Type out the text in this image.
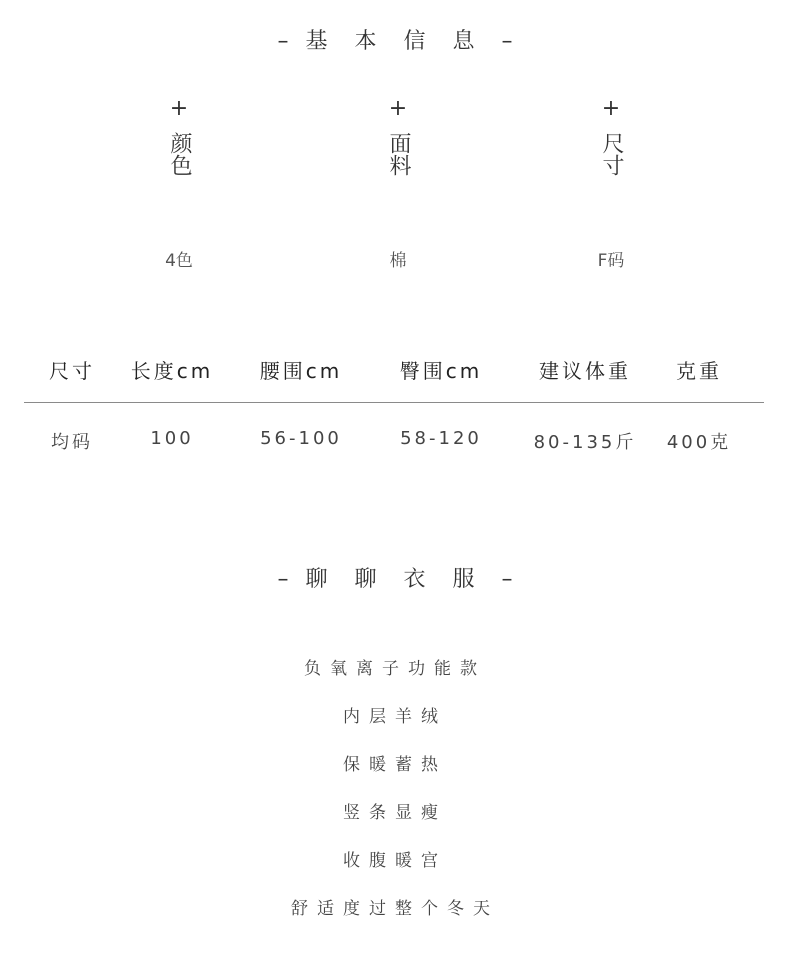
– 基 本 信 息 –
+
颜色
4色
+
面料
棉
+
尺寸
F码
尺寸	长度cm	腰围cm	臀围cm	建议体重	克重
均码	100	56-100	58-120	80-135斤	400克
– 聊 聊 衣 服 –
负氧离子功能款
内层羊绒
保暖蓄热
竖条显瘦
收腹暖宫
舒适度过整个冬天
